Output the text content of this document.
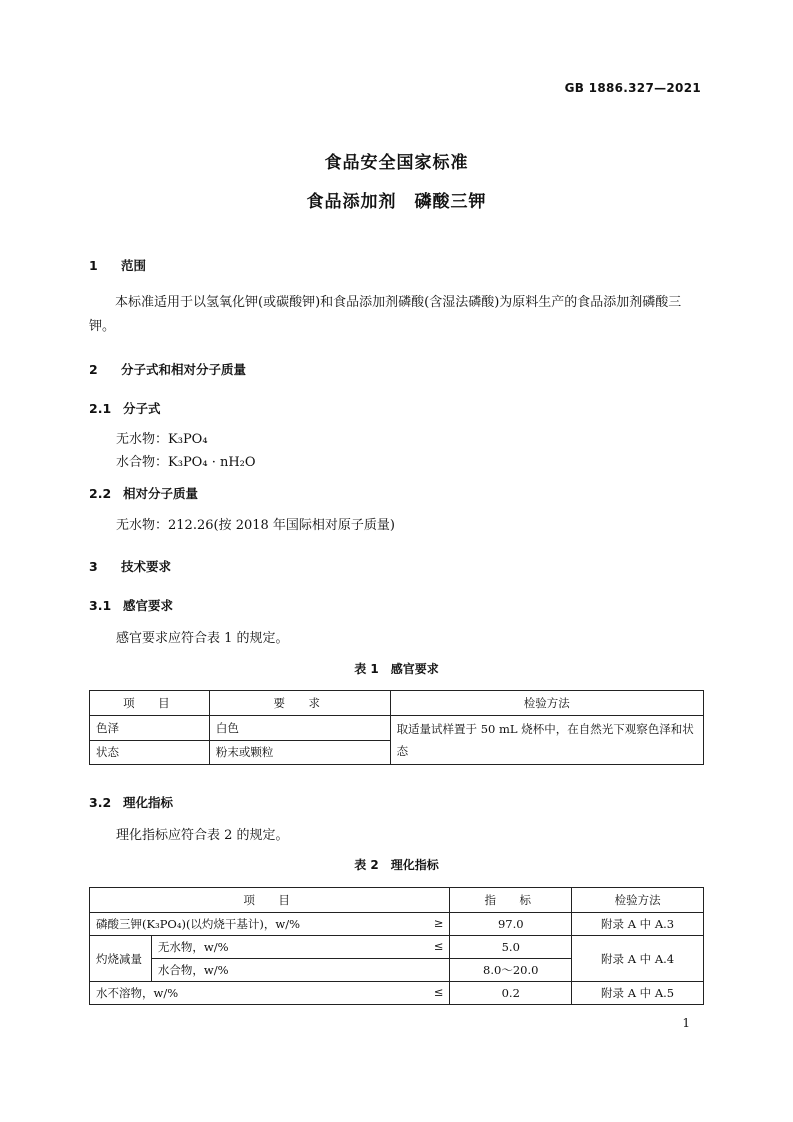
GB 1886.327—2021
食品安全国家标准
食品添加剂　磷酸三钾
1 范围
本标准适用于以氢氧化钾(或碳酸钾)和食品添加剂磷酸(含湿法磷酸)为原料生产的食品添加剂磷酸三钾。
2 分子式和相对分子质量
2.1 分子式
无水物：K₃PO₄
水合物：K₃PO₄ · nH₂O
2.2 相对分子质量
无水物：212.26(按 2018 年国际相对原子质量)
3 技术要求
3.1 感官要求
感官要求应符合表 1 的规定。
表 1　感官要求
项　目	要　求	检验方法
色泽	白色	取适量试样置于 50 mL 烧杯中，在自然光下观察色泽和状态
状态	粉末或颗粒	
3.2 理化指标
理化指标应符合表 2 的规定。
表 2　理化指标
项　目		指　标	检验方法
磷酸三钾(K₃PO₄)(以灼烧干基计)，w/% ≥		97.0	附录 A 中 A.3
灼烧减量	无水物，w/% ≤	5.0	附录 A 中 A.4
	水合物，w/%	8.0～20.0	
水不溶物，w/% ≤		0.2	附录 A 中 A.5
1
